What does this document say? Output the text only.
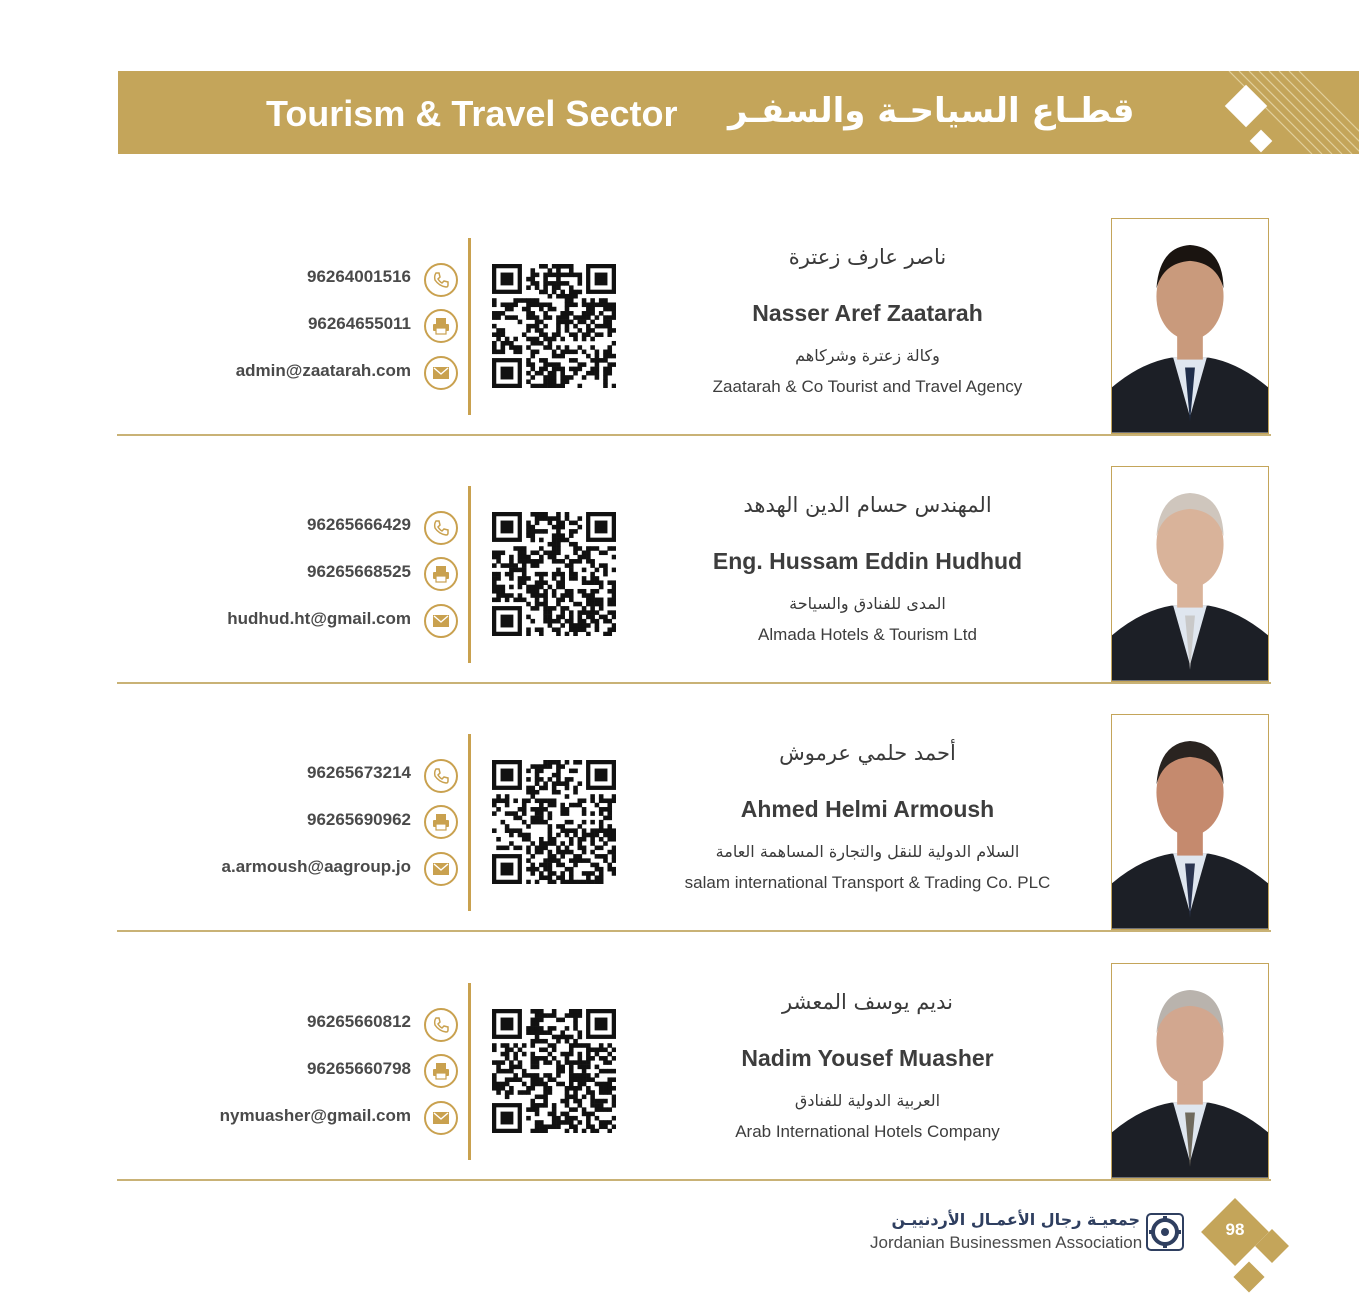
Tourism & Travel Sector قطـاع السياحـة والسفـر
ناصر عارف زعترة
Nasser Aref Zaatarah
وكالة زعترة وشركاهم
Zaatarah & Co Tourist and Travel Agency
96264001516
96264655011
admin@zaatarah.com
المهندس حسام الدين الهدهد
Eng. Hussam Eddin Hudhud
المدى للفنادق والسياحة
Almada Hotels & Tourism Ltd
96265666429
96265668525
hudhud.ht@gmail.com
أحمد حلمي عرموش
Ahmed Helmi Armoush
السلام الدولية للنقل والتجارة المساهمة العامة
salam international Transport & Trading Co. PLC
96265673214
96265690962
a.armoush@aagroup.jo
نديم يوسف المعشر
Nadim Yousef Muasher
العربية الدولية للفنادق
Arab International Hotels Company
96265660812
96265660798
nymuasher@gmail.com
جمعيـة رجال الأعمـال الأردنييـن
Jordanian Businessmen Association
98
